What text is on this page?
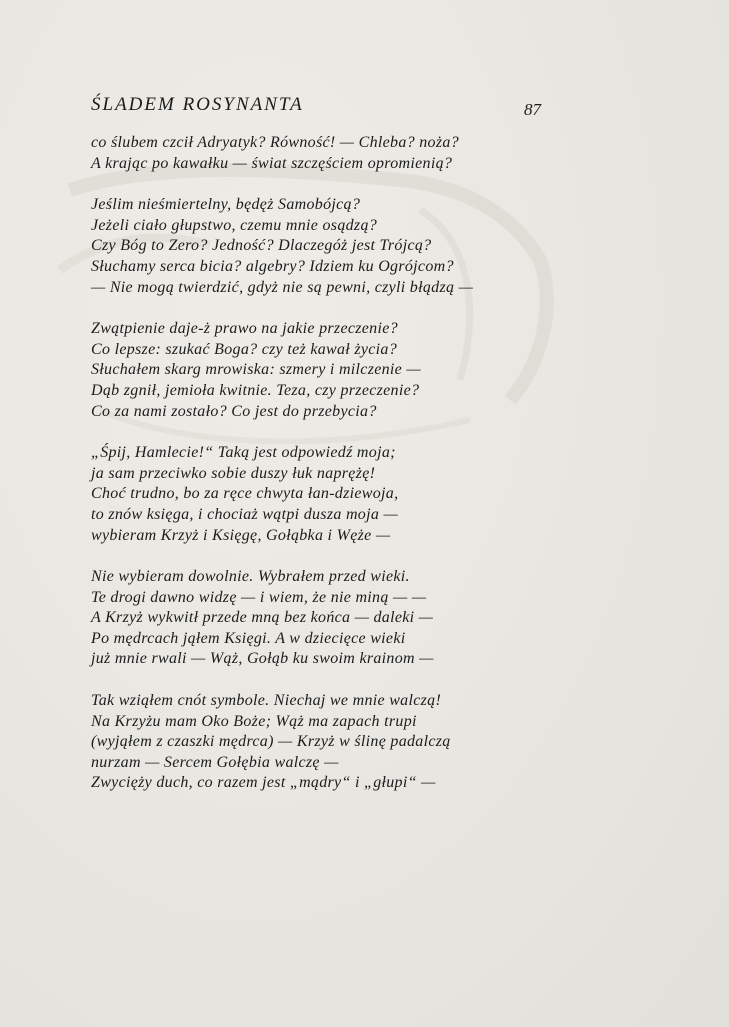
ŚLADEM ROSYNANTA	87
co ślubem czcił Adryatyk? Równość! — Chleba? noża?
A krając po kawałku — świat szczęściem opromienią?
Jeślim nieśmiertelny, będęż Samobójcą?
Jeżeli ciało głupstwo, czemu mnie osądzą?
Czy Bóg to Zero? Jedność? Dlaczegóż jest Trójcą?
Słuchamy serca bicia? algebry? Idziem ku Ogrójcom?
— Nie mogą twierdzić, gdyż nie są pewni, czyli błądzą —
Zwątpienie daje-ż prawo na jakie przeczenie?
Co lepsze: szukać Boga? czy też kawał życia?
Słuchałem skarg mrowiska: szmery i milczenie —
Dąb zgnił, jemioła kwitnie. Teza, czy przeczenie?
Co za nami zostało? Co jest do przebycia?
„Śpij, Hamlecie!“ Taką jest odpowiedź moja;
ja sam przeciwko sobie duszy łuk naprężę!
Choć trudno, bo za ręce chwyta łan-dziewoja,
to znów księga, i chociaż wątpi dusza moja —
wybieram Krzyż i Księgę, Gołąbka i Węże —
Nie wybieram dowolnie. Wybrałem przed wieki.
Te drogi dawno widzę — i wiem, że nie miną — —
A Krzyż wykwitł przede mną bez końca — daleki —
Po mędrcach jąłem Księgi. A w dziecięce wieki
już mnie rwali — Wąż, Gołąb ku swoim krainom —
Tak wziąłem cnót symbole. Niechaj we mnie walczą!
Na Krzyżu mam Oko Boże; Wąż ma zapach trupi
(wyjąłem z czaszki mędrca) — Krzyż w ślinę padalczą
nurzam — Sercem Gołębia walczę —
Zwycięży duch, co razem jest „mądry“ i „głupi“ —
